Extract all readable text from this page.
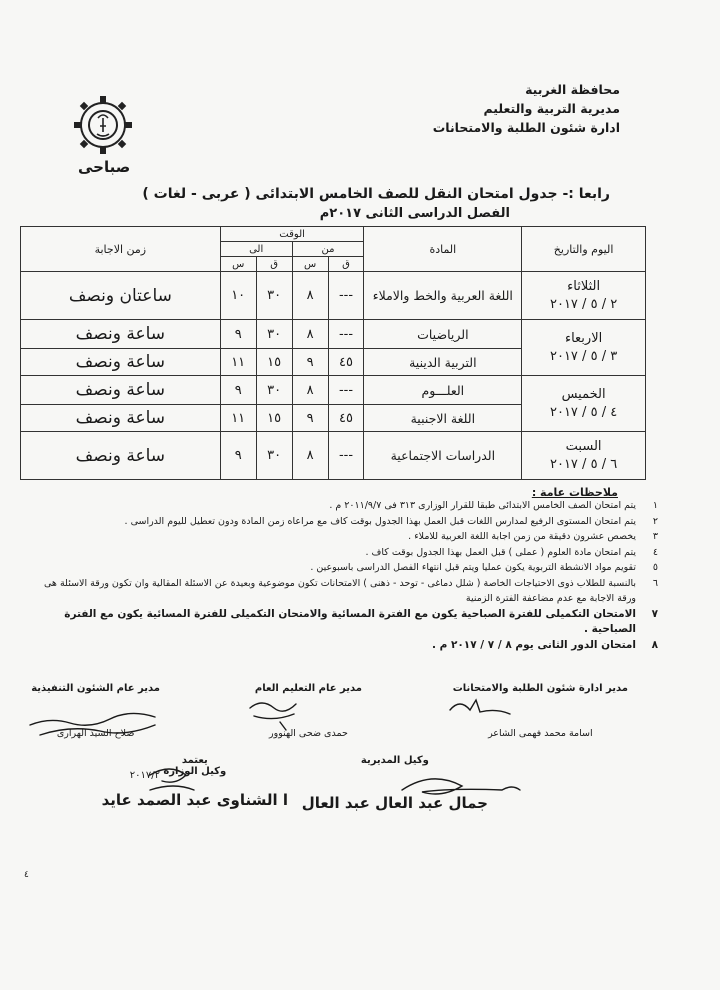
محافظة الغربية
مديرية التربية والتعليم
ادارة شئون الطلبة والامتحانات
صباحى
رابعا :- جدول امتحان النقل للصف الخامس الابتدائى ( عربى - لغات )
الفصل الدراسى الثانى ٢٠١٧م
اليوم والتاريخ	المادة	الوقت				زمن الاجابة
		من		الى		
		ق	س	ق	س	

الثلاثاء
٢ / ٥ / ٢٠١٧	اللغة العربية والخط والاملاء	---	٨	٣٠	١٠	ساعتان ونصف

الاربعاء
٣ / ٥ / ٢٠١٧	الرياضيات	---	٨	٣٠	٩	ساعة ونصف
	التربية الدينية	٤٥	٩	١٥	١١	ساعة ونصف

الخميس
٤ / ٥ / ٢٠١٧	العلـــوم	---	٨	٣٠	٩	ساعة ونصف
	اللغة الاجنبية	٤٥	٩	١٥	١١	ساعة ونصف

السبت
٦ / ٥ / ٢٠١٧	الدراسات الاجتماعية	---	٨	٣٠	٩	ساعة ونصف
ملاحظات عامة :
١
يتم امتحان الصف الخامس الابتدائى طبقا للقرار الوزارى ٣١٣ فى ٢٠١١/٩/٧ م .
٢
يتم امتحان المستوى الرفيع لمدارس اللغات قبل العمل بهذا الجدول بوقت كاف مع مراعاه زمن المادة ودون تعطيل لليوم الدراسى .
٣
يخصص عشرون دقيقة من زمن اجابة اللغة العربية للاملاء .
٤
يتم امتحان مادة العلوم ( عملى ) قبل العمل بهذا الجدول بوقت كاف .
٥
تقويم مواد الانشطة التربوية يكون عمليا ويتم قبل انتهاء الفصل الدراسى باسبوعين .
٦
بالنسبة للطلاب ذوى الاحتياجات الخاصة ( شلل دماغى - توحد - ذهنى ) الامتحانات تكون موضوعية وبعيدة عن الاسئلة المقالية وان تكون ورقة الاسئلة هى ورقة الاجابة مع عدم مضاعفة الفترة الزمنية
٧
الامتحان التكميلى للفترة الصباحية يكون مع الفترة المسائية والامتحان التكميلى للفترة المسائية يكون مع الفترة الصباحية .
٨
امتحان الدور الثانى يوم ٨ / ٧ / ٢٠١٧ م .
مدير ادارة شئون الطلبة والامتحانات
اسامة محمد فهمى الشاعر
مدير عام التعليم العام
حمدى ضحى الهنوور
مدير عام الشئون التنفيذية
صلاح السيد الهرارى
وكيل المديرية
جمال عبد العال عبد العال
يعتمد
وكيل الوزارة
ا الشناوى عبد الصمد عايد
٢٠١٧/٢
٤
